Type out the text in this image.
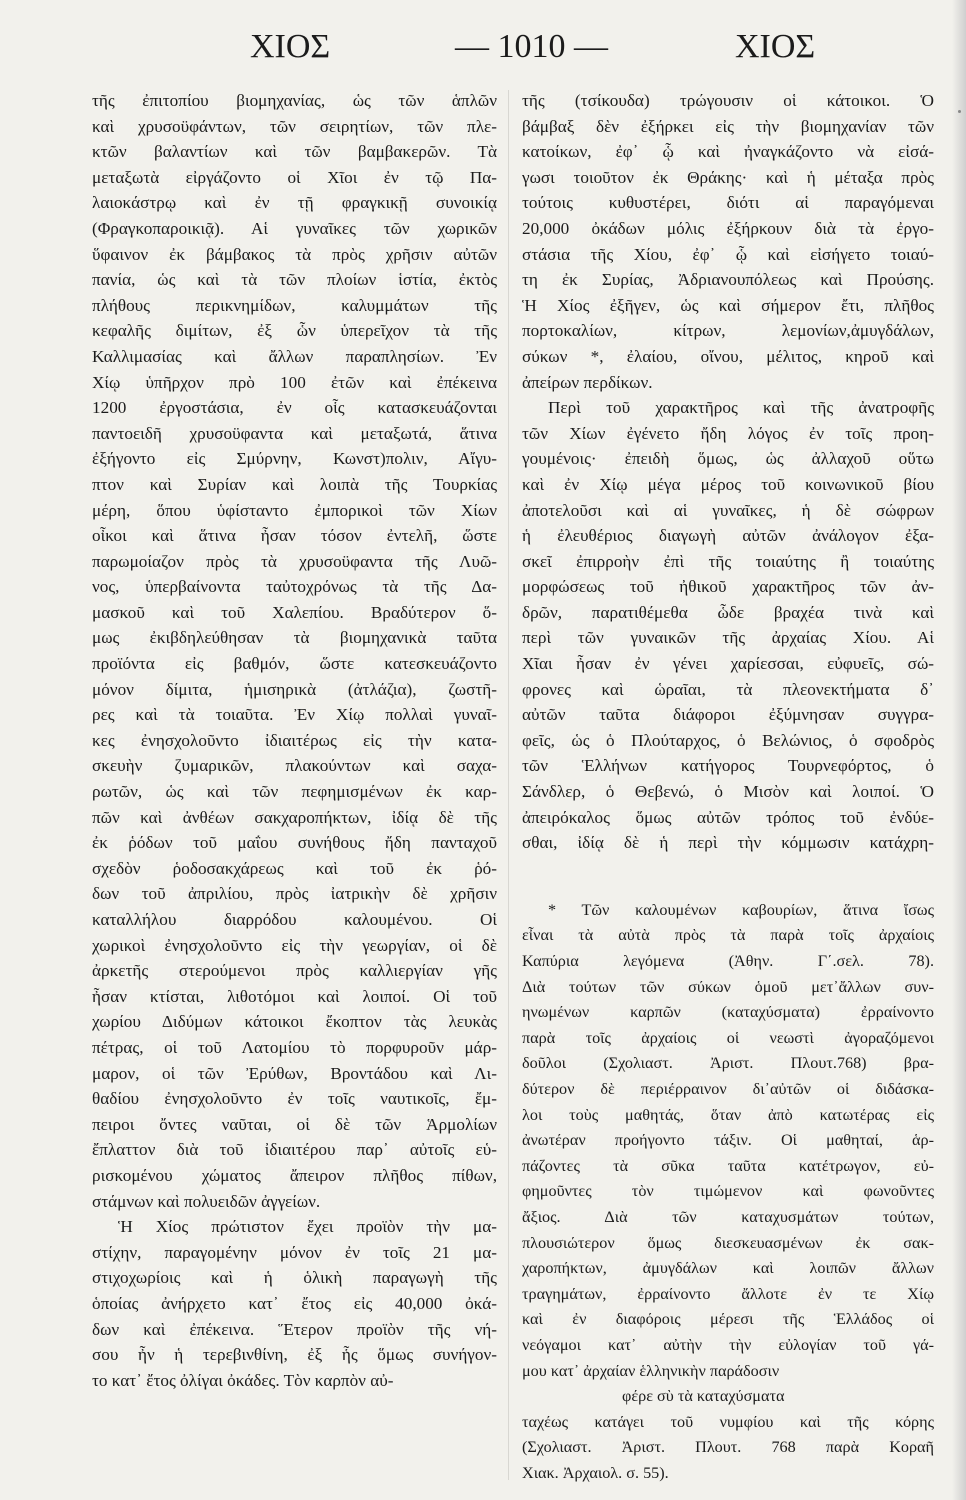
ΧΙΟΣ	— 1010 —	ΧΙΟΣ

τῆς ἐπιτοπίου βιομηχανίας, ὡς τῶν ἁπλῶν

καὶ χρυσοϋφάντων, τῶν σειρητίων, τῶν πλε-

κτῶν βαλαντίων καὶ τῶν βαμβακερῶν. Τὰ

μεταξωτὰ εἰργάζοντο οἱ Χῖοι ἐν τῷ Πα-

λαιοκάστρῳ καὶ ἐν τῇ φραγκικῇ συνοικίᾳ

(Φραγκοπαροικιᾷ). Αἱ γυναῖκες τῶν χωρικῶν

ὕφαινον ἐκ βάμβακος τὰ πρὸς χρῆσιν αὐτῶν

πανία, ὡς καὶ τὰ τῶν πλοίων ἱστία, ἐκτὸς

πλήθους περικνημίδων, καλυμμάτων τῆς

κεφαλῆς διμίτων, ἐξ ὧν ὑπερεῖχον τὰ τῆς

Καλλιμασίας καὶ ἄλλων παραπλησίων. Ἐν

Χίῳ ὑπῆρχον πρὸ 100 ἐτῶν καὶ ἐπέκεινα

1200 ἐργοστάσια, ἐν οἷς κατασκευάζονται

παντοειδῆ χρυσοϋφαντα καὶ μεταξωτά, ἅτινα

ἐξήγοντο εἰς Σμύρνην, Κωνστ)πολιν, Αἴγυ-

πτον καὶ Συρίαν καὶ λοιπὰ τῆς Τουρκίας

μέρη, ὅπου ὑφίσταντο ἐμπορικοὶ τῶν Χίων

οἶκοι καὶ ἅτινα ἦσαν τόσον ἐντελῆ, ὥστε

παρωμοίαζον πρὸς τὰ χρυσοϋφαντα τῆς Λυῶ-

νος, ὑπερβαίνοντα ταὐτοχρόνως τὰ τῆς Δα-

μασκοῦ καὶ τοῦ Χαλεπίου. Βραδύτερον ὅ-

μως ἐκιβδηλεύθησαν τὰ βιομηχανικὰ ταῦτα

προϊόντα εἰς βαθμόν, ὥστε κατεσκευάζοντο

μόνον δίμιτα, ἡμισηρικὰ (ἀτλάζια), ζωστῆ-

ρες καὶ τὰ τοιαῦτα. Ἐν Χίῳ πολλαὶ γυναῖ-

κες ἐνησχολοῦντο ἰδιαιτέρως εἰς τὴν κατα-

σκευὴν ζυμαρικῶν, πλακούντων καὶ σαχα-

ρωτῶν, ὡς καὶ τῶν πεφημισμένων ἐκ καρ-

πῶν καὶ ἀνθέων σακχαροπήκτων, ἰδίᾳ δὲ τῆς

ἐκ ῥόδων τοῦ μαΐου συνήθους ἤδη πανταχοῦ

σχεδὸν ῥοδοσακχάρεως καὶ τοῦ ἐκ ῥό-

δων τοῦ ἀπριλίου, πρὸς ἰατρικὴν δὲ χρῆσιν

καταλλήλου διαρρόδου καλουμένου. Οἱ

χωρικοὶ ἐνησχολοῦντο εἰς τὴν γεωργίαν, οἱ δὲ

ἀρκετῆς στερούμενοι πρὸς καλλιεργίαν γῆς

ἦσαν κτίσται, λιθοτόμοι καὶ λοιποί. Οἱ τοῦ

χωρίου Διδύμων κάτοικοι ἔκοπτον τὰς λευκὰς

πέτρας, οἱ τοῦ Λατομίου τὸ πορφυροῦν μάρ-

μαρον, οἱ τῶν Ἐρύθων, Βροντάδου καὶ Λι-

θαδίου ἐνησχολοῦντο ἐν τοῖς ναυτικοῖς, ἔμ-

πειροι ὄντες ναῦται, οἱ δὲ τῶν Ἁρμολίων

ἔπλαττον διὰ τοῦ ἰδιαιτέρου παρ᾽ αὐτοῖς εὑ-

ρισκομένου χώματος ἄπειρον πλῆθος πίθων,

στάμνων καὶ πολυειδῶν ἀγγείων.

Ἡ Χίος πρώτιστον ἔχει προϊὸν τὴν μα-

στίχην, παραγομένην μόνον ἐν τοῖς 21 μα-

στιχοχωρίοις καὶ ἡ ὁλικὴ παραγωγὴ τῆς

ὁποίας ἀνήρχετο κατ᾽ ἔτος εἰς 40,000 ὀκά-

δων καὶ ἐπέκεινα. Ἕτερον προϊὸν τῆς νή-

σου ἦν ἡ τερεβινθίνη, ἐξ ἧς ὅμως συνήγον-

το κατ᾽ ἔτος ὀλίγαι ὀκάδες. Τὸν καρπὸν αὐ-

τῆς (τσίκουδα) τρώγουσιν οἱ κάτοικοι. Ὁ

βάμβαξ δὲν ἐξήρκει εἰς τὴν βιομηχανίαν τῶν

κατοίκων, ἐφ᾽ ᾧ καὶ ἠναγκάζοντο νὰ εἰσά-

γωσι τοιοῦτον ἐκ Θράκης· καὶ ἡ μέταξα πρὸς

τούτοις κυθυστέρει, διότι αἱ παραγόμεναι

20,000 ὀκάδων μόλις ἐξήρκουν διὰ τὰ ἐργο-

στάσια τῆς Χίου, ἐφ᾽ ᾧ καὶ εἰσήγετο τοιαύ-

τη ἐκ Συρίας, Ἀδριανουπόλεως καὶ Προύσης.

Ἡ Χίος ἐξῆγεν, ὡς καὶ σήμερον ἔτι, πλῆθος

πορτοκαλίων, κίτρων, λεμονίων,ἀμυγδάλων,

σύκων *, ἐλαίου, οἴνου, μέλιτος, κηροῦ καὶ

ἀπείρων περδίκων.

Περὶ τοῦ χαρακτῆρος καὶ τῆς ἀνατροφῆς

τῶν Χίων ἐγένετο ἤδη λόγος ἐν τοῖς προη-

γουμένοις· ἐπειδὴ ὅμως, ὡς ἀλλαχοῦ οὕτω

καὶ ἐν Χίῳ μέγα μέρος τοῦ κοινωνικοῦ βίου

ἀποτελοῦσι καὶ αἱ γυναῖκες, ἡ δὲ σώφρων

ἡ ἐλευθέριος διαγωγὴ αὐτῶν ἀνάλογον ἐξα-

σκεῖ ἐπιρροὴν ἐπὶ τῆς τοιαύτης ἢ τοιαύτης

μορφώσεως τοῦ ἠθικοῦ χαρακτῆρος τῶν ἀν-

δρῶν, παρατιθέμεθα ὧδε βραχέα τινὰ καὶ

περὶ τῶν γυναικῶν τῆς ἀρχαίας Χίου. Αἱ

Χῖαι ἦσαν ἐν γένει χαρίεσσαι, εὐφυεῖς, σώ-

φρονες καὶ ὡραῖαι, τὰ πλεονεκτήματα δ᾽

αὐτῶν ταῦτα διάφοροι ἐξύμνησαν συγγρα-

φεῖς, ὡς ὁ Πλούταρχος, ὁ Βελώνιος, ὁ σφοδρὸς

τῶν Ἑλλήνων κατήγορος Τουρνεφόρτος, ὁ

Σάνδλερ, ὁ Θεβενώ, ὁ Μισὸν καὶ λοιποί. Ὁ

ἀπειρόκαλος ὅμως αὐτῶν τρόπος τοῦ ἐνδύε-

σθαι, ἰδίᾳ δὲ ἡ περὶ τὴν κόμμωσιν κατάχρη-

* Τῶν καλουμένων καβουρίων, ἅτινα ἴσως

εἶναι τὰ αὐτὰ πρὸς τὰ παρὰ τοῖς ἀρχαίοις

Καπύρια λεγόμενα (Ἀθην. Γ΄.σελ. 78).

Διὰ τούτων τῶν σύκων ὁμοῦ μετ᾽ἄλλων συν-

ηνωμένων καρπῶν (καταχύσματα) ἐρραίνοντο

παρὰ τοῖς ἀρχαίοις οἱ νεωστὶ ἀγοραζόμενοι

δοῦλοι (Σχολιαστ. Ἀριστ. Πλουτ.768) βρα-

δύτερον δὲ περιέρραινον δι᾽αὐτῶν οἱ διδάσκα-

λοι τοὺς μαθητάς, ὅταν ἀπὸ κατωτέρας εἰς

ἀνωτέραν προήγοντο τάξιν. Οἱ μαθηταί, ἁρ-

πάζοντες τὰ σῦκα ταῦτα κατέτρωγον, εὐ-

φημοῦντες τὸν τιμώμενον καὶ φωνοῦντες

ἄξιος. Διὰ τῶν καταχυσμάτων τούτων,

πλουσιώτερον ὅμως διεσκευασμένων ἐκ σακ-

χαροπήκτων, ἀμυγδάλων καὶ λοιπῶν ἄλλων

τραγημάτων, ἐρραίνοντο ἄλλοτε ἐν τε Χίῳ

καὶ ἐν διαφόροις μέρεσι τῆς Ἑλλάδος οἱ

νεόγαμοι κατ᾽ αὐτὴν τὴν εὐλογίαν τοῦ γά-

μου κατ᾽ ἀρχαίαν ἑλληνικὴν παράδοσιν

φέρε σὺ τὰ καταχύσματα

ταχέως κατάγει τοῦ νυμφίου καὶ τῆς κόρης

(Σχολιαστ. Ἀριστ. Πλουτ. 768 παρὰ Κοραῆ

Χιακ. Ἀρχαιολ. σ. 55).
